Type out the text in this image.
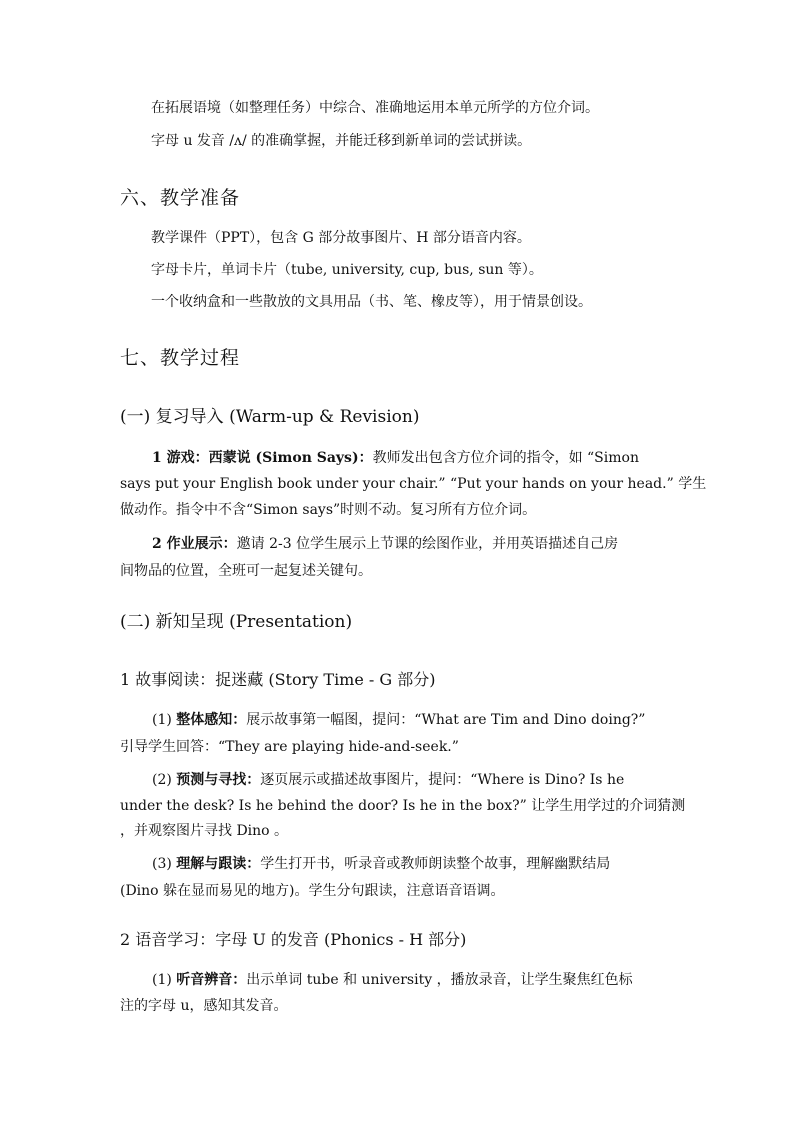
在拓展语境（如整理任务）中综合、准确地运用本单元所学的方位介词。

字母 u 发音 /ʌ/ 的准确掌握，并能迁移到新单词的尝试拼读。

六、教学准备

教学课件（PPT），包含 G 部分故事图片、H 部分语音内容。

字母卡片，单词卡片（tube, university, cup, bus, sun 等）。

一个收纳盒和一些散放的文具用品（书、笔、橡皮等），用于情景创设。

七、教学过程

(一) 复习导入 (Warm-up & Revision)

1 游戏：西蒙说 (Simon Says)：教师发出包含方位介词的指令，如 “Simon

says put your English book under your chair.” “Put your hands on your head.” 学生

做动作。指令中不含“Simon says”时则不动。复习所有方位介词。

2 作业展示：邀请 2-3 位学生展示上节课的绘图作业，并用英语描述自己房

间物品的位置，全班可一起复述关键句。

(二) 新知呈现 (Presentation)

1 故事阅读：捉迷藏 (Story Time - G 部分)

(1) 整体感知：展示故事第一幅图，提问：“What are Tim and Dino doing?”

引导学生回答：“They are playing hide-and-seek.”

(2) 预测与寻找：逐页展示或描述故事图片，提问：“Where is Dino? Is he

under the desk? Is he behind the door? Is he in the box?” 让学生用学过的介词猜测

，并观察图片寻找 Dino 。

(3) 理解与跟读：学生打开书，听录音或教师朗读整个故事，理解幽默结局

(Dino 躲在显而易见的地方)。学生分句跟读，注意语音语调。

2 语音学习：字母 U 的发音 (Phonics - H 部分)

(1) 听音辨音：出示单词 tube 和 university ，播放录音，让学生聚焦红色标

注的字母 u，感知其发音。
